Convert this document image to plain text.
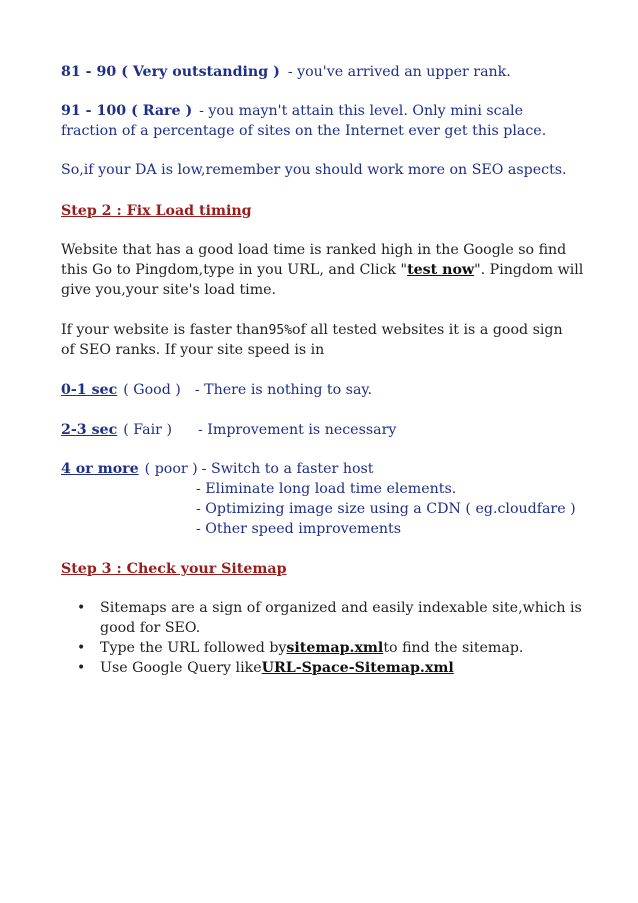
81 - 90 ( Very outstanding ) - you've arrived an upper rank.
91 - 100 ( Rare ) - you mayn't attain this level. Only mini scale
fraction of a percentage of sites on the Internet ever get this place.
So,if your DA is low,remember you should work more on SEO aspects.
Step 2 : Fix Load timing
Website that has a good load time is ranked high in the Google so find
this Go to Pingdom,type in you URL, and Click " test now ". Pingdom will
give you,your site's load time.
If your website is faster than 95% of all tested websites it is a good sign
of SEO ranks. If your site speed is in
0-1 sec ( Good ) - There is nothing to say.
2-3 sec ( Fair ) - Improvement is necessary
4 or more ( poor ) - Switch to a faster host
- Eliminate long load time elements.
- Optimizing image size using a CDN ( eg.cloudfare )
- Other speed improvements
Step 3 : Check your Sitemap
• Sitemaps are a sign of organized and easily indexable site,which is
good for SEO.
• Type the URL followed by sitemap.xml to find the sitemap.
• Use Google Query like URL-Space-Sitemap.xml
